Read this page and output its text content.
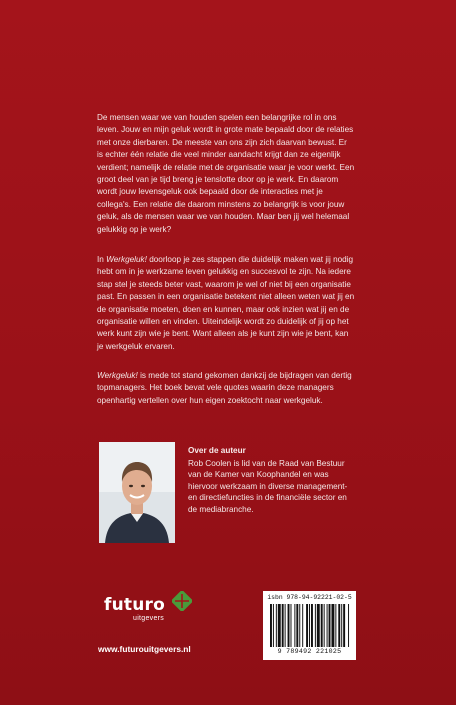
De mensen waar we van houden spelen een belangrijke rol in ons leven. Jouw en mijn geluk wordt in grote mate bepaald door de relaties met onze dierbaren. De meeste van ons zijn zich daarvan bewust. Er is echter één relatie die veel minder aandacht krijgt dan ze eigenlijk verdient; namelijk de relatie met de organisatie waar je voor werkt. Een groot deel van je tijd breng je tenslotte door op je werk. En daarom wordt jouw levensgeluk ook bepaald door de interacties met je collega's. Een relatie die daarom minstens zo belangrijk is voor jouw geluk, als de mensen waar we van houden. Maar ben jij wel helemaal gelukkig op je werk?

In Werkgeluk! doorloop je zes stappen die duidelijk maken wat jij nodig hebt om in je werkzame leven gelukkig en succesvol te zijn. Na iedere stap stel je steeds beter vast, waarom je wel of niet bij een organisatie past. En passen in een organisatie betekent niet alleen weten wat jij en de organisatie moeten, doen en kunnen, maar ook inzien wat jij en de organisatie willen en vinden. Uiteindelijk wordt zo duidelijk of jij op het werk kunt zijn wie je bent. Want alleen als je kunt zijn wie je bent, kan je werkgeluk ervaren.

Werkgeluk! is mede tot stand gekomen dankzij de bijdragen van dertig topmanagers. Het boek bevat vele quotes waarin deze managers openhartig vertellen over hun eigen zoektocht naar werkgeluk.

Over de auteur
Rob Coolen is lid van de Raad van Bestuur van de Kamer van Koophandel en was hiervoor werkzaam in diverse management- en directiefuncties in de financiële sector en de mediabranche.
futuro
uitgevers
www.futurouitgevers.nl
isbn 978-94-92221-02-5
9 789492 221025
